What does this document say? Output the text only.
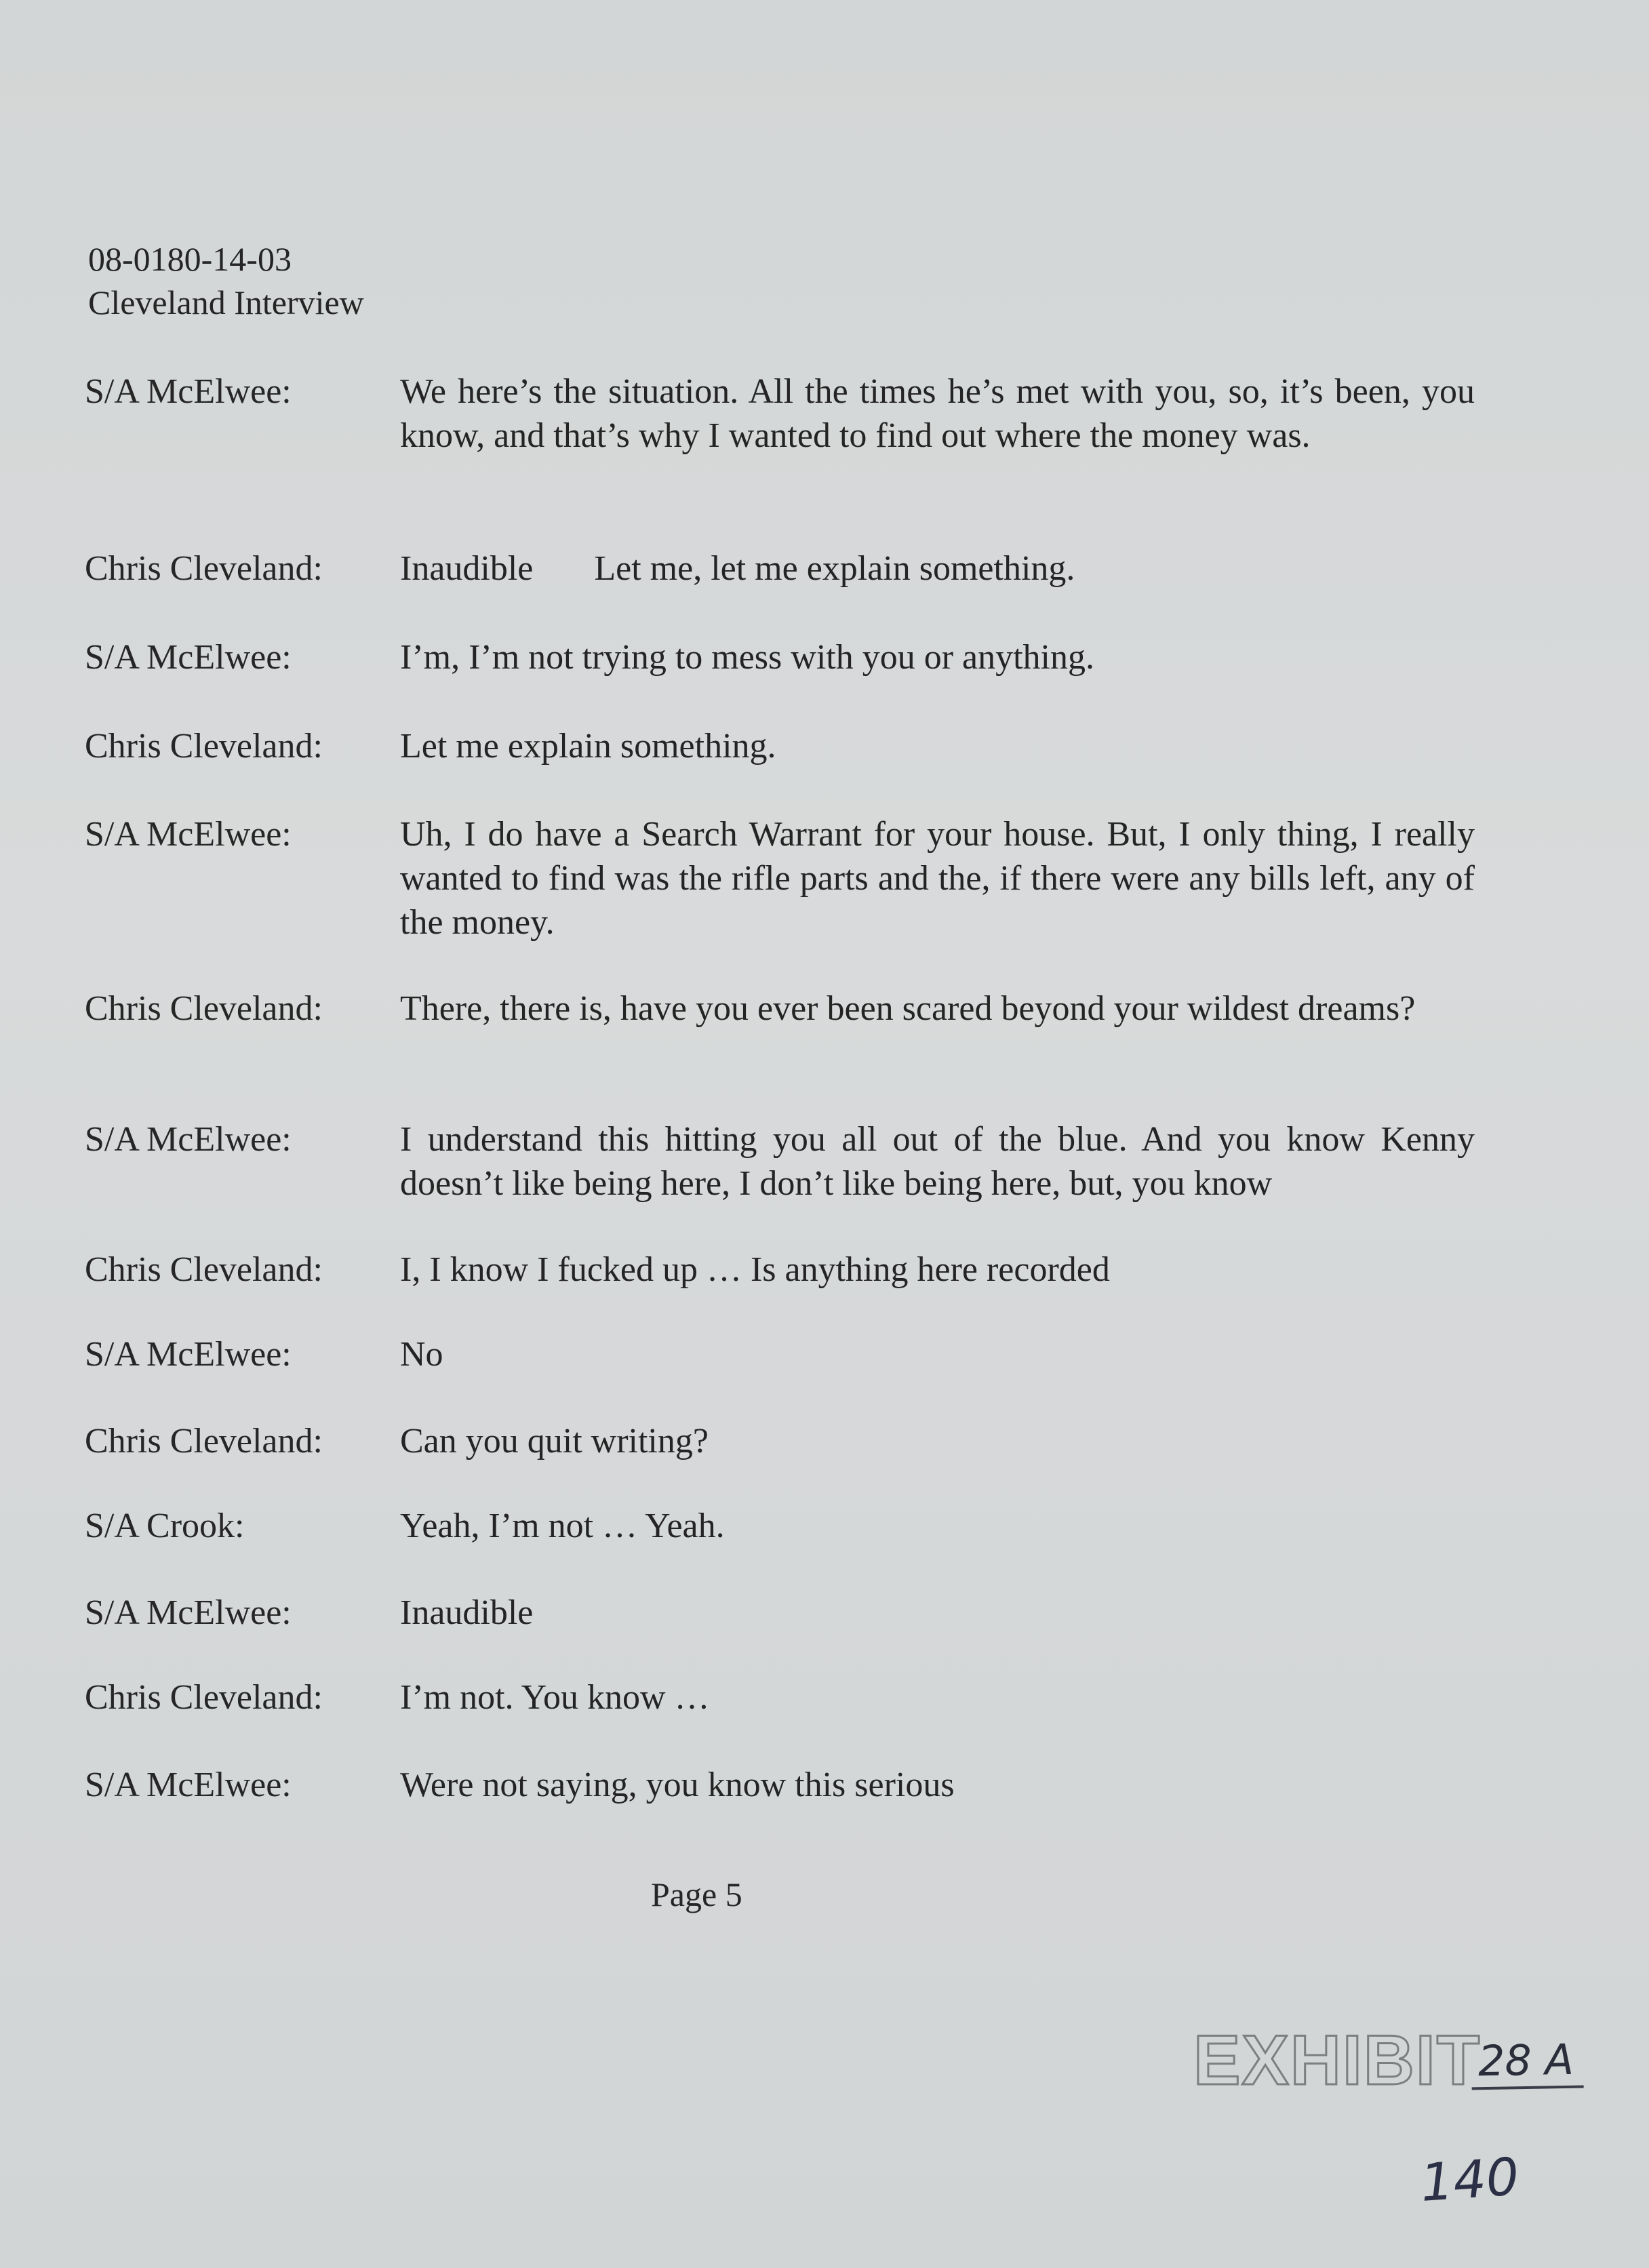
08-0180-14-03
Cleveland Interview
S/A McElwee:	We here’s the situation. All the times he’s met with you, so, it’s been, you know, and that’s why I wanted to find out where the money was.
Chris Cleveland:	Inaudible Let me, let me explain something.
S/A McElwee:	I’m, I’m not trying to mess with you or anything.
Chris Cleveland:	Let me explain something.
S/A McElwee:	Uh, I do have a Search Warrant for your house. But, I only thing, I really wanted to find was the rifle parts and the, if there were any bills left, any of the money.
Chris Cleveland:	There, there is, have you ever been scared beyond your wildest dreams?
S/A McElwee:	I understand this hitting you all out of the blue. And you know Kenny doesn’t like being here, I don’t like being here, but, you know
Chris Cleveland:	I, I know I fucked up … Is anything here recorded
S/A McElwee:	No
Chris Cleveland:	Can you quit writing?
S/A Crook:	Yeah, I’m not … Yeah.
S/A McElwee:	Inaudible
Chris Cleveland:	I’m not. You know …
S/A McElwee:	Were not saying, you know this serious
Page 5
EXHIBIT
28 A
140
